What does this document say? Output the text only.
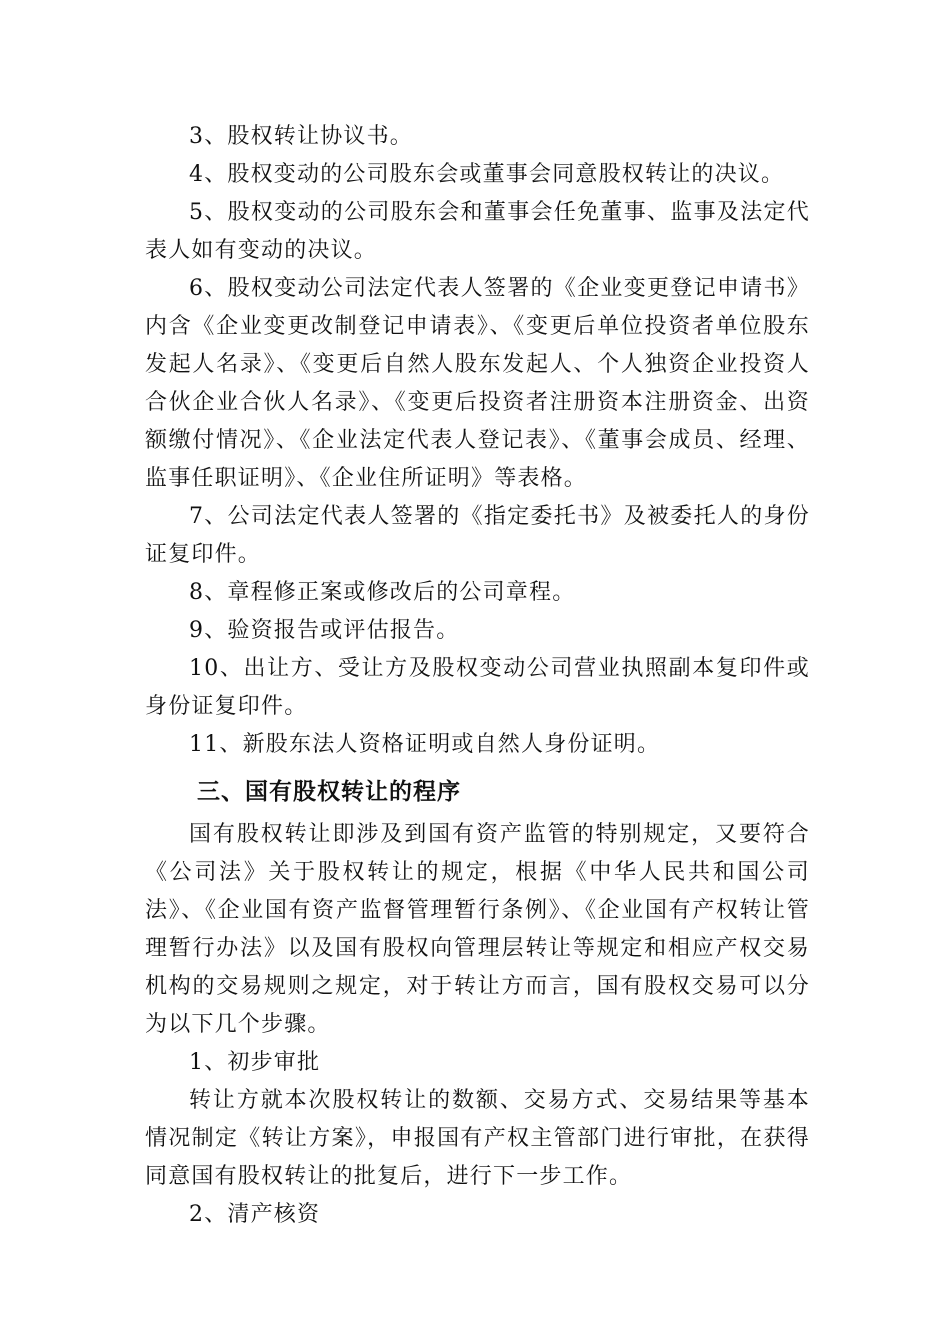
3、股权转让协议书。

4、股权变动的公司股东会或董事会同意股权转让的决议。

5、股权变动的公司股东会和董事会任免董事、监事及法定代表人如有变动的决议。

6、股权变动公司法定代表人签署的《企业变更登记申请书》内含《企业变更改制登记申请表》、《变更后单位投资者单位股东发起人名录》、《变更后自然人股东发起人、个人独资企业投资人合伙企业合伙人名录》、《变更后投资者注册资本注册资金、出资额缴付情况》、《企业法定代表人登记表》、《董事会成员、经理、监事任职证明》、《企业住所证明》等表格。

7、公司法定代表人签署的《指定委托书》及被委托人的身份证复印件。

8、章程修正案或修改后的公司章程。

9、验资报告或评估报告。

10、出让方、受让方及股权变动公司营业执照副本复印件或身份证复印件。

11、新股东法人资格证明或自然人身份证明。

三、国有股权转让的程序

国有股权转让即涉及到国有资产监管的特别规定，又要符合《公司法》关于股权转让的规定，根据《中华人民共和国公司法》、《企业国有资产监督管理暂行条例》、《企业国有产权转让管理暂行办法》以及国有股权向管理层转让等规定和相应产权交易机构的交易规则之规定，对于转让方而言，国有股权交易可以分为以下几个步骤。

1、初步审批

转让方就本次股权转让的数额、交易方式、交易结果等基本情况制定《转让方案》，申报国有产权主管部门进行审批，在获得同意国有股权转让的批复后，进行下一步工作。

2、清产核资
